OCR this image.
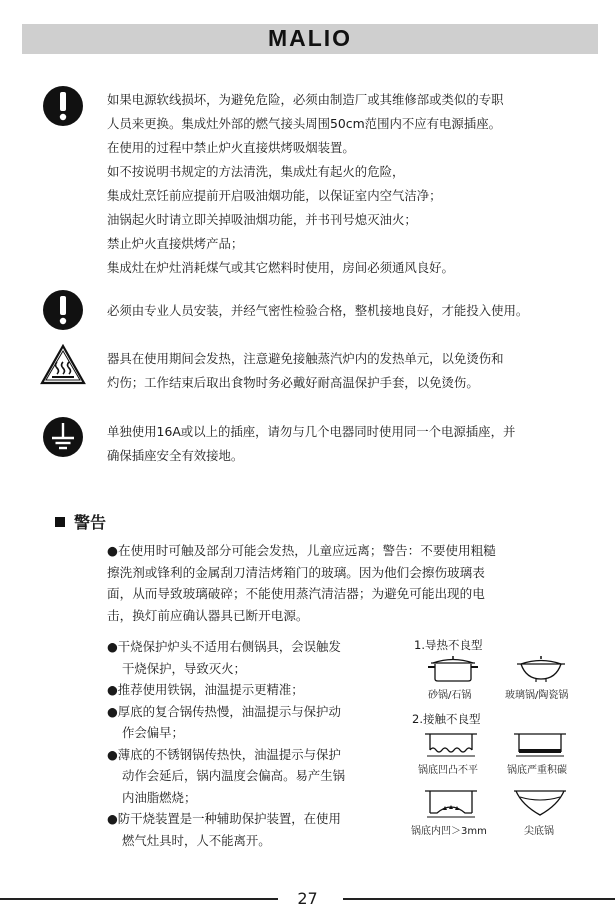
MALIO
如果电源软线损坏，为避免危险，必须由制造厂或其维修部或类似的专职
人员来更换。集成灶外部的燃气接头周围50cm范围内不应有电源插座。
在使用的过程中禁止炉火直接烘烤吸烟装置。
如不按说明书规定的方法清洗，集成灶有起火的危险，
集成灶烹饪前应提前开启吸油烟功能，以保证室内空气洁净；
油锅起火时请立即关掉吸油烟功能，并书刊号熄灭油火；
禁止炉火直接烘烤产品；
集成灶在炉灶消耗煤气或其它燃料时使用，房间必须通风良好。
必须由专业人员安装，并经气密性检验合格，整机接地良好，才能投入使用。
器具在使用期间会发热，注意避免接触蒸汽炉内的发热单元，以免烫伤和
灼伤；工作结束后取出食物时务必戴好耐高温保护手套，以免烫伤。
单独使用16A或以上的插座，请勿与几个电器同时使用同一个电源插座，并
确保插座安全有效接地。
警告
●在使用时可触及部分可能会发热，儿童应远离；警告：不要使用粗糙
擦洗剂或锋利的金属刮刀清洁烤箱门的玻璃。因为他们会擦伤玻璃表
面，从而导致玻璃破碎；不能使用蒸汽清洁器；为避免可能出现的电
击，换灯前应确认器具已断开电源。
●干烧保护炉头不适用右侧锅具，会误触发
干烧保护，导致灭火；
●推荐使用铁锅，油温提示更精准；
●厚底的复合锅传热慢，油温提示与保护动
作会偏早；
●薄底的不锈钢锅传热快，油温提示与保护
动作会延后，锅内温度会偏高。易产生锅
内油脂燃烧；
●防干烧装置是一种辅助保护装置，在使用
燃气灶具时，人不能离开。
1.导热不良型
2.接触不良型
砂锅/石锅	玻璃锅/陶瓷锅
锅底凹凸不平	锅底严重积碳
锅底内凹＞3mm	尖底锅
27
